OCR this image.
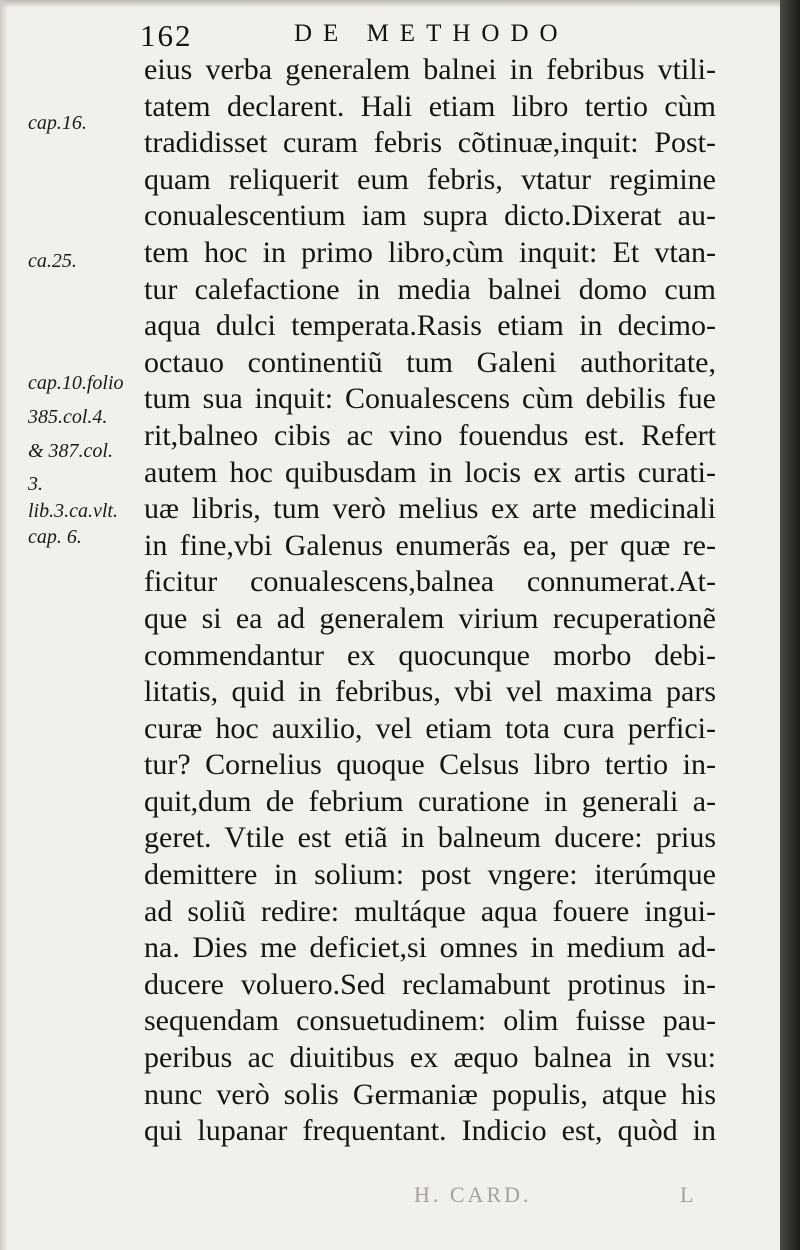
162	DE METHODO
cap.16.
ca.25.
cap.10.folio
385.col.4.
& 387.col.
3.
lib.3.ca.vlt.
cap. 6.
eius verba generalem balnei in febribus vtili-
tatem declarent. Hali etiam libro tertio cùm
tradidisset curam febris cõtinuæ,inquit: Post-
quam reliquerit eum febris, vtatur regimine
conualescentium iam supra dicto.Dixerat au-
tem hoc in primo libro,cùm inquit: Et vtan-
tur calefactione in media balnei domo cum
aqua dulci temperata.Rasis etiam in decimo-
octauo continentiũ tum Galeni authoritate,
tum sua inquit: Conualescens cùm debilis fue
rit,balneo cibis ac vino fouendus est. Refert
autem hoc quibusdam in locis ex artis curati-
uæ libris, tum verò melius ex arte medicinali
in fine,vbi Galenus enumerãs ea, per quæ re-
ficitur conualescens,balnea connumerat.At-
que si ea ad generalem virium recuperationẽ
commendantur ex quocunque morbo debi-
litatis, quid in febribus, vbi vel maxima pars
curæ hoc auxilio, vel etiam tota cura perfici-
tur? Cornelius quoque Celsus libro tertio in-
quit,dum de febrium curatione in generali a-
geret. Vtile est etiã in balneum ducere: prius
demittere in solium: post vngere: iterúmque
ad soliũ redire: multáque aqua fouere ingui-
na. Dies me deficiet,si omnes in medium ad-
ducere voluero.Sed reclamabunt protinus in-
sequendam consuetudinem: olim fuisse pau-
peribus ac diuitibus ex æquo balnea in vsu:
nunc verò solis Germaniæ populis, atque his
qui lupanar frequentant. Indicio est, quòd in
H. CARD.	L
